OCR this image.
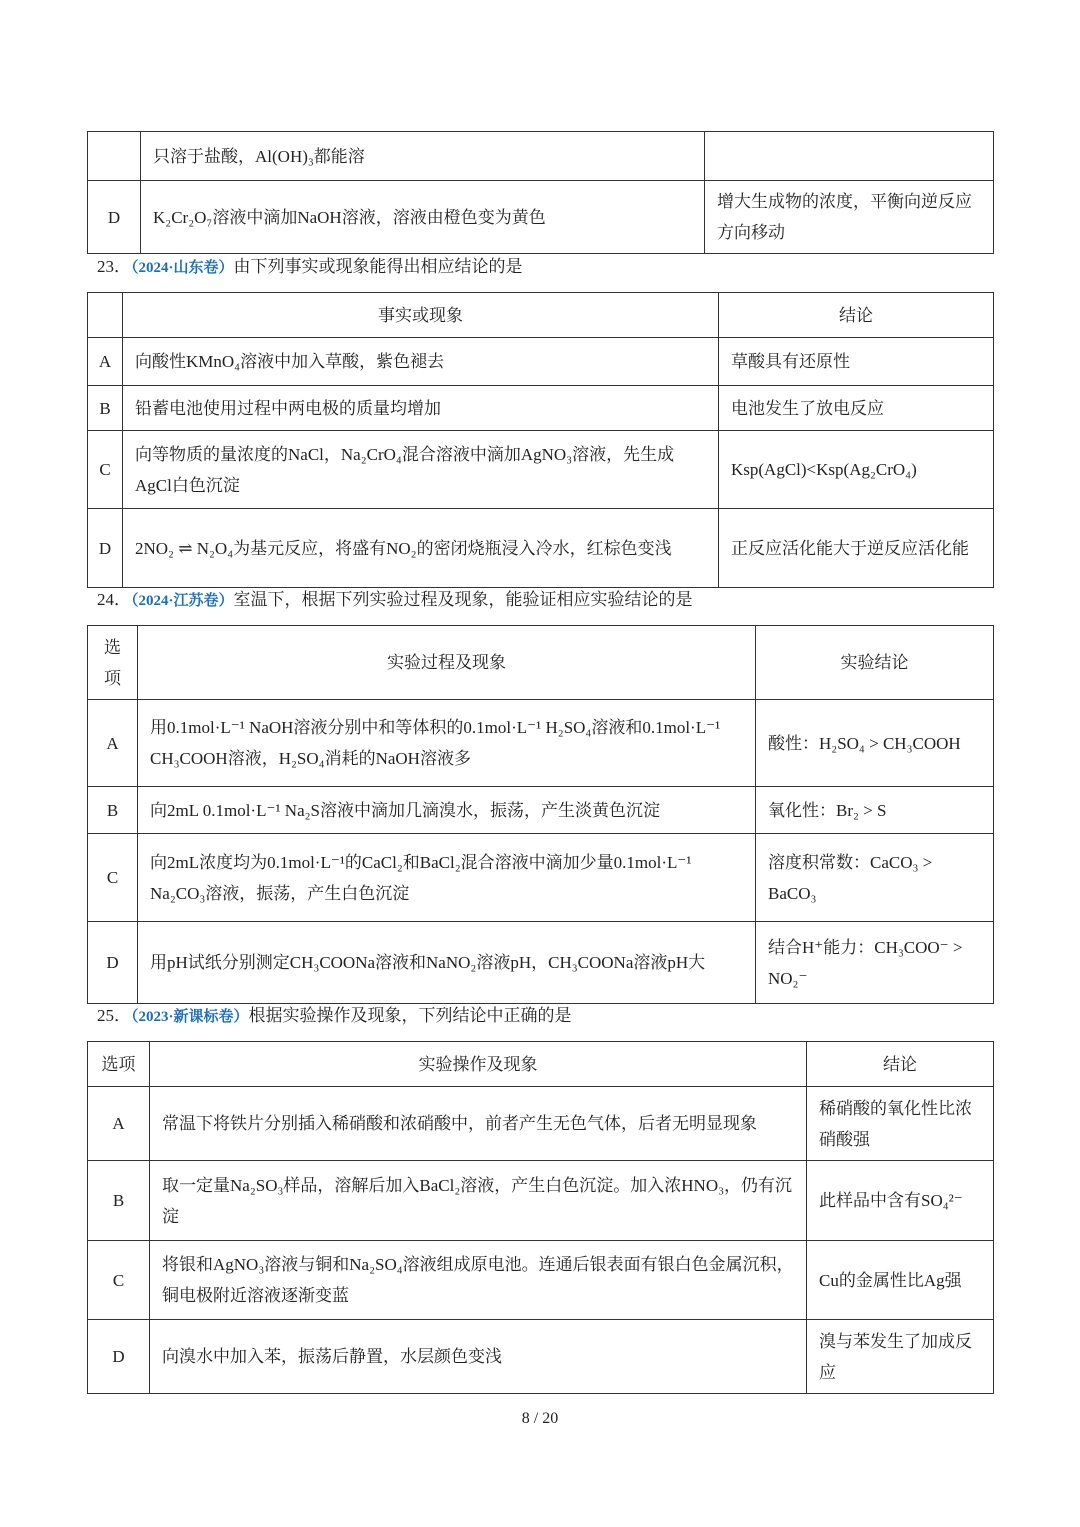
	只溶于盐酸，Al(OH)₃都能溶	
D	K₂Cr₂O₇溶液中滴加NaOH溶液，溶液由橙色变为黄色	增大生成物的浓度，平衡向逆反应方向移动
23．（2024·山东卷）由下列事实或现象能得出相应结论的是
	事实或现象	结论
A	向酸性KMnO₄溶液中加入草酸，紫色褪去	草酸具有还原性
B	铅蓄电池使用过程中两电极的质量均增加	电池发生了放电反应
C	向等物质的量浓度的NaCl，Na₂CrO₄混合溶液中滴加AgNO₃溶液，先生成AgCl白色沉淀	Ksp(AgCl)<Ksp(Ag₂CrO₄)
D	2NO₂ ⇌ N₂O₄为基元反应，将盛有NO₂的密闭烧瓶浸入冷水，红棕色变浅	正反应活化能大于逆反应活化能
24．（2024·江苏卷）室温下，根据下列实验过程及现象，能验证相应实验结论的是
选项	实验过程及现象	实验结论
A	用0.1mol·L⁻¹ NaOH溶液分别中和等体积的0.1mol·L⁻¹ H₂SO₄溶液和0.1mol·L⁻¹ CH₃COOH溶液，H₂SO₄消耗的NaOH溶液多	酸性：H₂SO₄ > CH₃COOH
B	向2mL 0.1mol·L⁻¹ Na₂S溶液中滴加几滴溴水，振荡，产生淡黄色沉淀	氧化性：Br₂ > S
C	向2mL浓度均为0.1mol·L⁻¹的CaCl₂和BaCl₂混合溶液中滴加少量0.1mol·L⁻¹ Na₂CO₃溶液，振荡，产生白色沉淀	溶度积常数：CaCO₃ > BaCO₃
D	用pH试纸分别测定CH₃COONa溶液和NaNO₂溶液pH，CH₃COONa溶液pH大	结合H⁺能力：CH₃COO⁻ > NO₂⁻
25．（2023·新课标卷）根据实验操作及现象，下列结论中正确的是
选项	实验操作及现象	结论
A	常温下将铁片分别插入稀硝酸和浓硝酸中，前者产生无色气体，后者无明显现象	稀硝酸的氧化性比浓硝酸强
B	取一定量Na₂SO₃样品，溶解后加入BaCl₂溶液，产生白色沉淀。加入浓HNO₃，仍有沉淀	此样品中含有SO₄²⁻
C	将银和AgNO₃溶液与铜和Na₂SO₄溶液组成原电池。连通后银表面有银白色金属沉积，铜电极附近溶液逐渐变蓝	Cu的金属性比Ag强
D	向溴水中加入苯，振荡后静置，水层颜色变浅	溴与苯发生了加成反应
8 / 20
